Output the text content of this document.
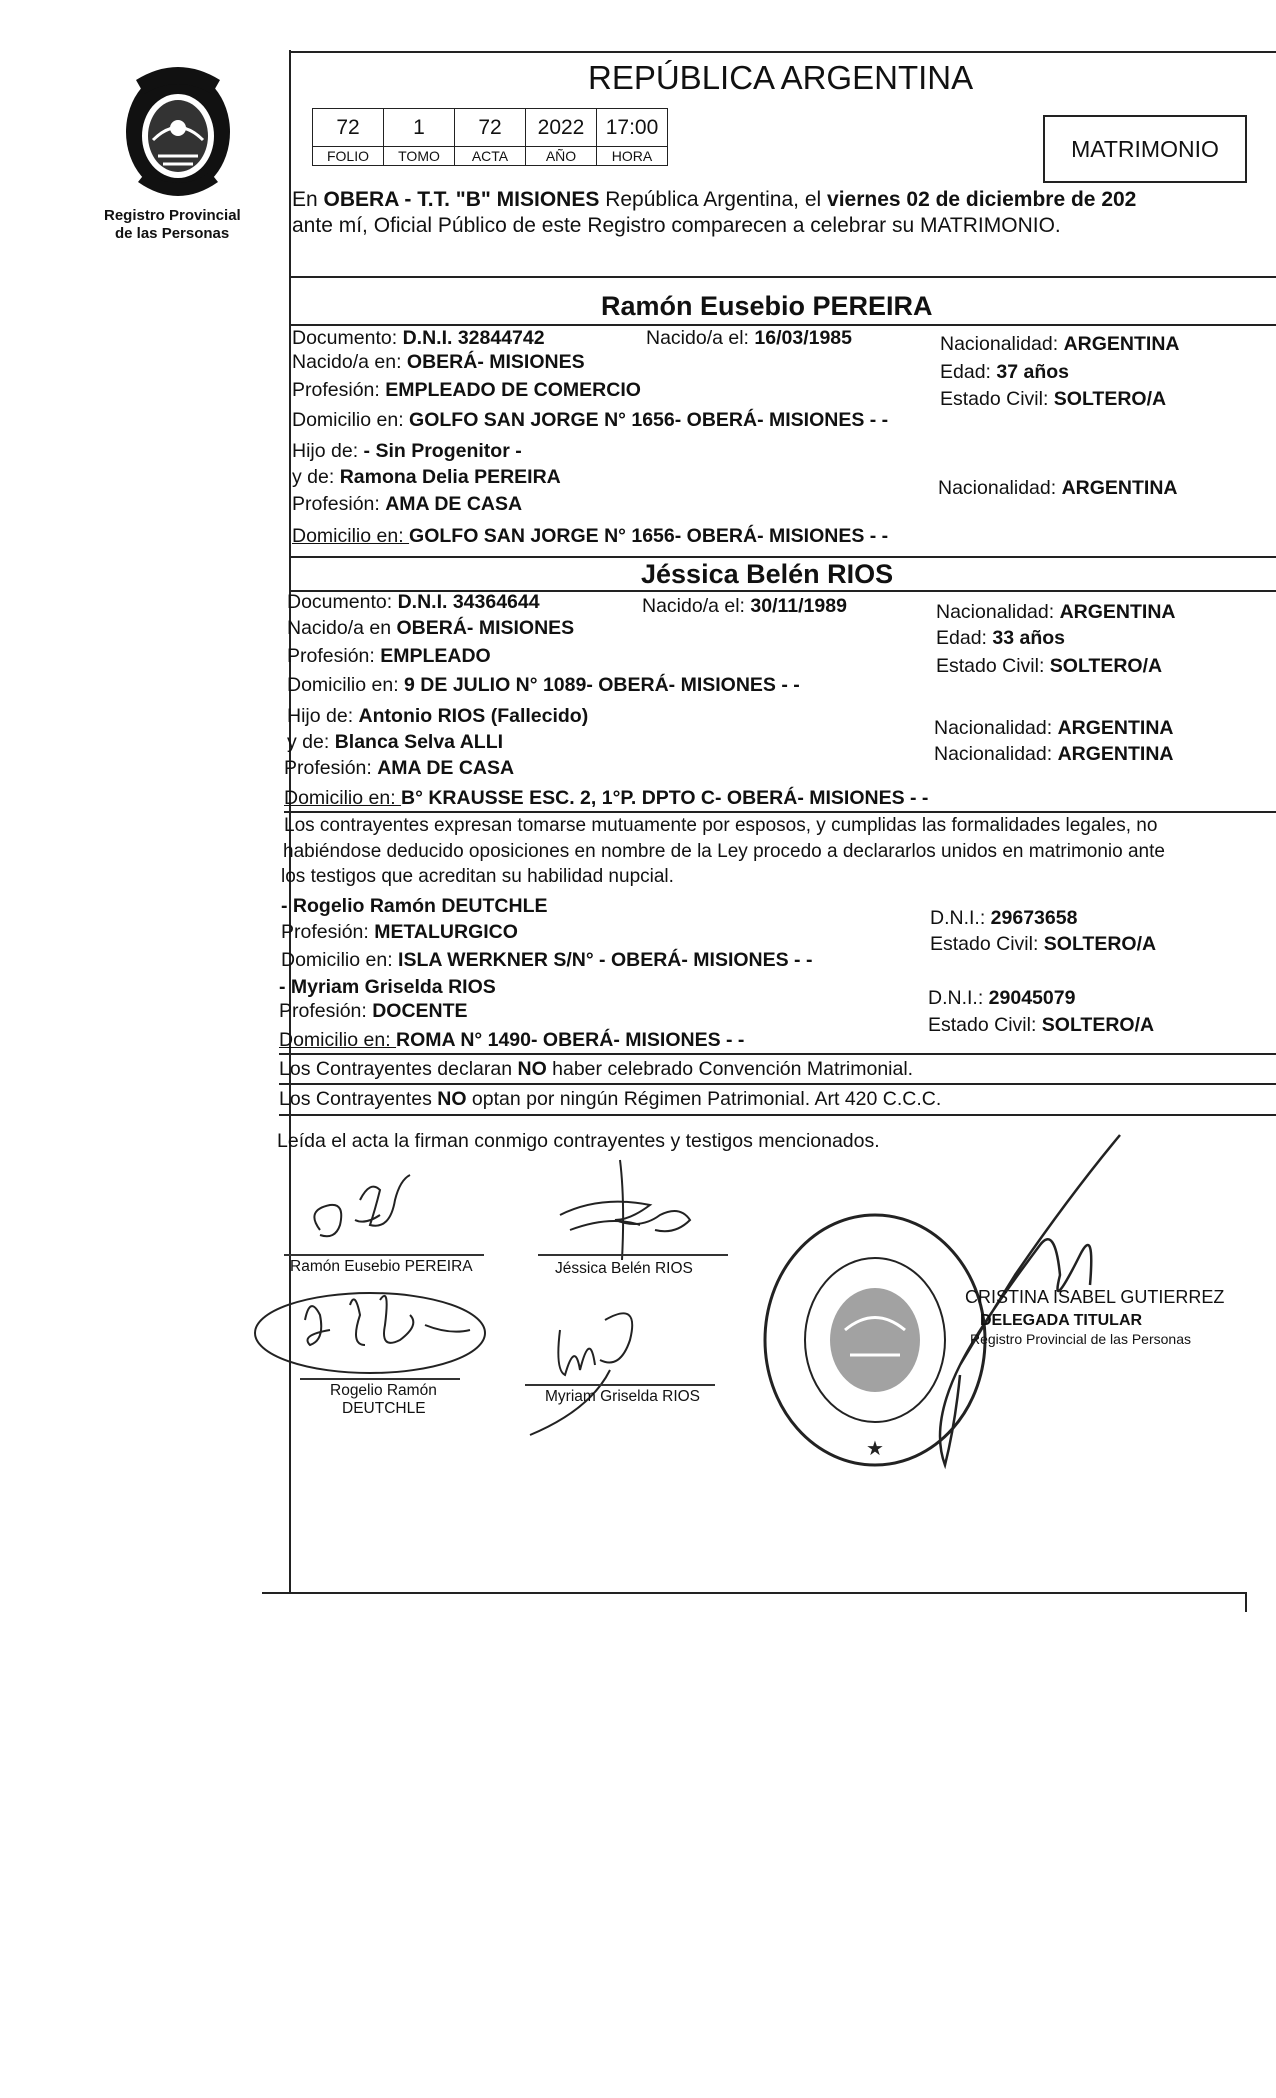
Registro Provincial
de las Personas
REPÚBLICA ARGENTINA
72	1	72	2022	17:00
FOLIO	TOMO	ACTA	AÑO	HORA	MATRIMONIO
En OBERA - T.T. "B" MISIONES República Argentina, el viernes 02 de diciembre de 202
ante mí, Oficial Público de este Registro comparecen a celebrar su MATRIMONIO.
Ramón Eusebio PEREIRA
Documento: D.N.I. 32844742	Nacido/a el: 16/03/1985	Nacionalidad: ARGENTINA
Nacido/a en: OBERÁ- MISIONES	Edad: 37 años
Profesión: EMPLEADO DE COMERCIO	Estado Civil: SOLTERO/A
Domicilio en: GOLFO SAN JORGE N° 1656- OBERÁ- MISIONES - -
Hijo de: - Sin Progenitor -
y de: Ramona Delia PEREIRA	Nacionalidad: ARGENTINA
Profesión: AMA DE CASA
Domicilio en: GOLFO SAN JORGE N° 1656- OBERÁ- MISIONES - -
Jéssica Belén RIOS
Documento: D.N.I. 34364644	Nacido/a el: 30/11/1989	Nacionalidad: ARGENTINA
Nacido/a en OBERÁ- MISIONES	Edad: 33 años
Profesión: EMPLEADO	Estado Civil: SOLTERO/A
Domicilio en: 9 DE JULIO N° 1089- OBERÁ- MISIONES - -
Hijo de: Antonio RIOS (Fallecido)
Nacionalidad: ARGENTINA
y de: Blanca Selva ALLI
Nacionalidad: ARGENTINA
Profesión: AMA DE CASA
Domicilio en: B° KRAUSSE ESC. 2, 1°P. DPTO C- OBERÁ- MISIONES - -
Los contrayentes expresan tomarse mutuamente por esposos, y cumplidas las formalidades legales, no
habiéndose deducido oposiciones en nombre de la Ley procedo a declararlos unidos en matrimonio ante
los testigos que acreditan su habilidad nupcial.
- Rogelio Ramón DEUTCHLE
D.N.I.: 29673658
Profesión: METALURGICO
Estado Civil: SOLTERO/A
Domicilio en: ISLA WERKNER S/N° - OBERÁ- MISIONES - -
- Myriam Griselda RIOS	D.N.I.: 29045079
Profesión: DOCENTE
Estado Civil: SOLTERO/A
Domicilio en: ROMA N° 1490- OBERÁ- MISIONES - -
Los Contrayentes declaran NO haber celebrado Convención Matrimonial.
Los Contrayentes NO optan por ningún Régimen Patrimonial. Art 420 C.C.C.
Leída el acta la firman conmigo contrayentes y testigos mencionados.
Ramón Eusebio PEREIRA	Jéssica Belén RIOS
Rogelio Ramón
DEUTCHLE
Myriam Griselda RIOS
★
CRISTINA ISABEL GUTIERREZ
DELEGADA TITULAR
Registro Provincial de las Personas
